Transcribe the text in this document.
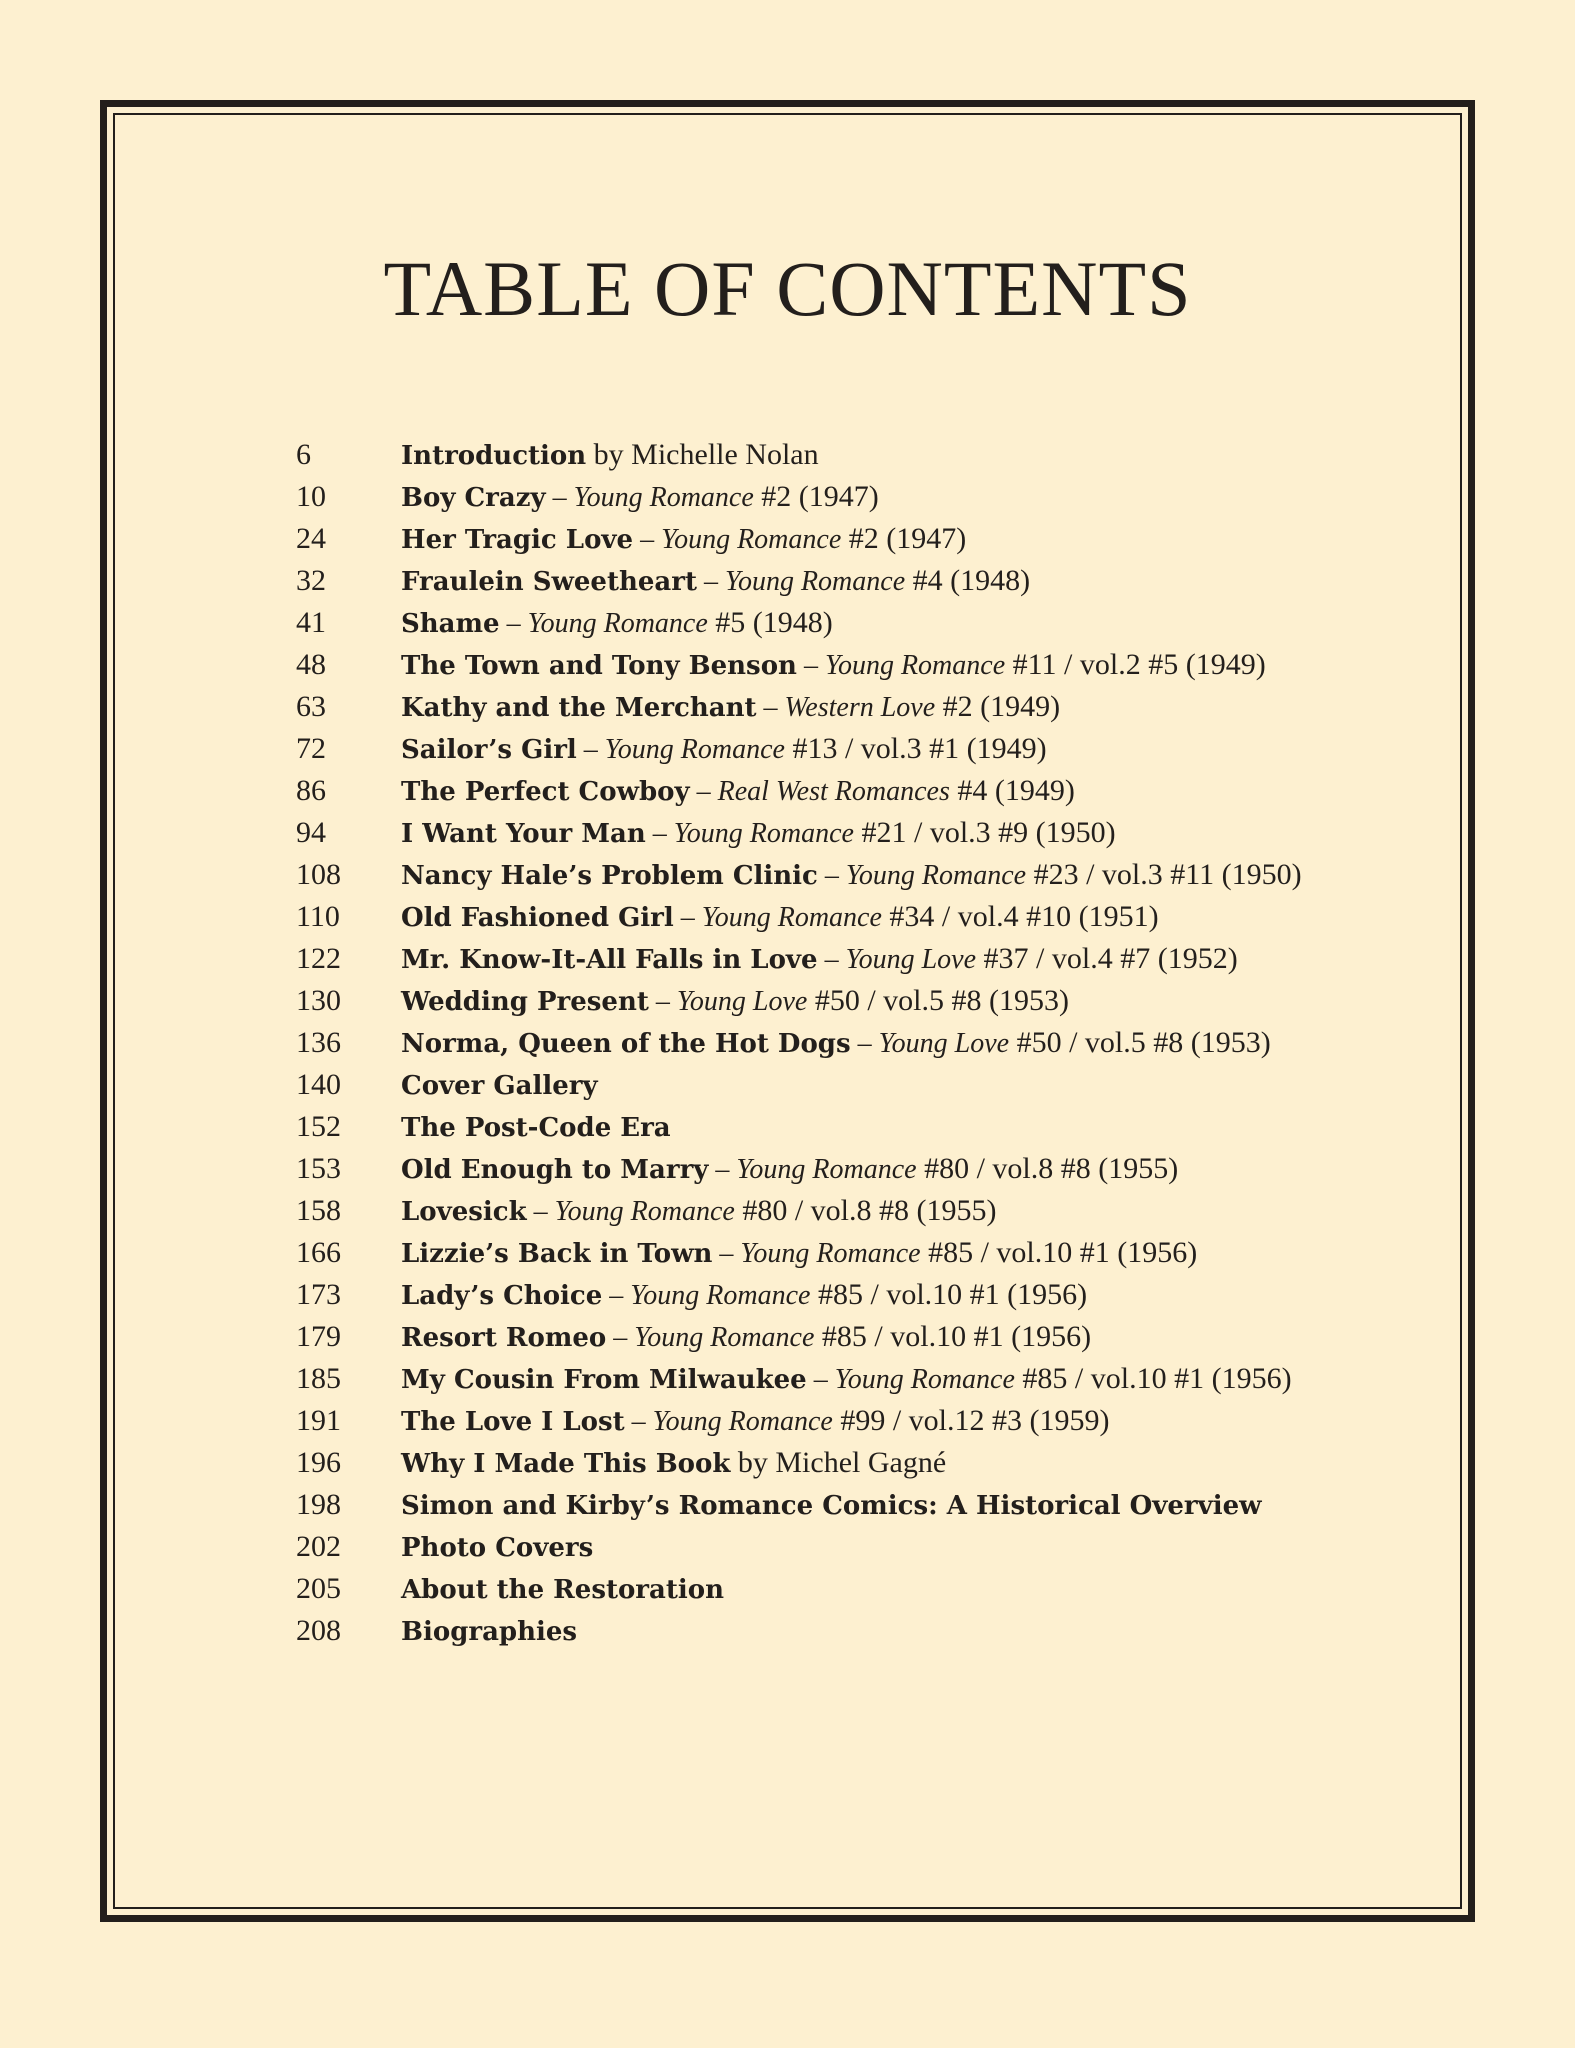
TABLE OF CONTENTS
6	Introduction by Michelle Nolan
10	Boy Crazy – Young Romance #2 (1947)
24	Her Tragic Love – Young Romance #2 (1947)
32	Fraulein Sweetheart – Young Romance #4 (1948)
41	Shame – Young Romance #5 (1948)
48	The Town and Tony Benson – Young Romance #11 / vol.2 #5 (1949)
63	Kathy and the Merchant – Western Love #2 (1949)
72	Sailor’s Girl – Young Romance #13 / vol.3 #1 (1949)
86	The Perfect Cowboy – Real West Romances #4 (1949)
94	I Want Your Man – Young Romance #21 / vol.3 #9 (1950)
108 Nancy Hale’s Problem Clinic – Young Romance #23 / vol.3 #11 (1950)
110 Old Fashioned Girl – Young Romance #34 / vol.4 #10 (1951)
122 Mr. Know-It-All Falls in Love – Young Love #37 / vol.4 #7 (1952)
130 Wedding Present – Young Love #50 / vol.5 #8 (1953)
136 Norma, Queen of the Hot Dogs – Young Love #50 / vol.5 #8 (1953)
140 Cover Gallery
152 The Post-Code Era
153 Old Enough to Marry – Young Romance #80 / vol.8 #8 (1955)
158 Lovesick – Young Romance #80 / vol.8 #8 (1955)
166 Lizzie’s Back in Town – Young Romance #85 / vol.10 #1 (1956)
173 Lady’s Choice – Young Romance #85 / vol.10 #1 (1956)
179 Resort Romeo – Young Romance #85 / vol.10 #1 (1956)
185 My Cousin From Milwaukee – Young Romance #85 / vol.10 #1 (1956)
191 The Love I Lost – Young Romance #99 / vol.12 #3 (1959)
196 Why I Made This Book by Michel Gagné
198 Simon and Kirby’s Romance Comics: A Historical Overview
202 Photo Covers
205 About the Restoration
208 Biographies
